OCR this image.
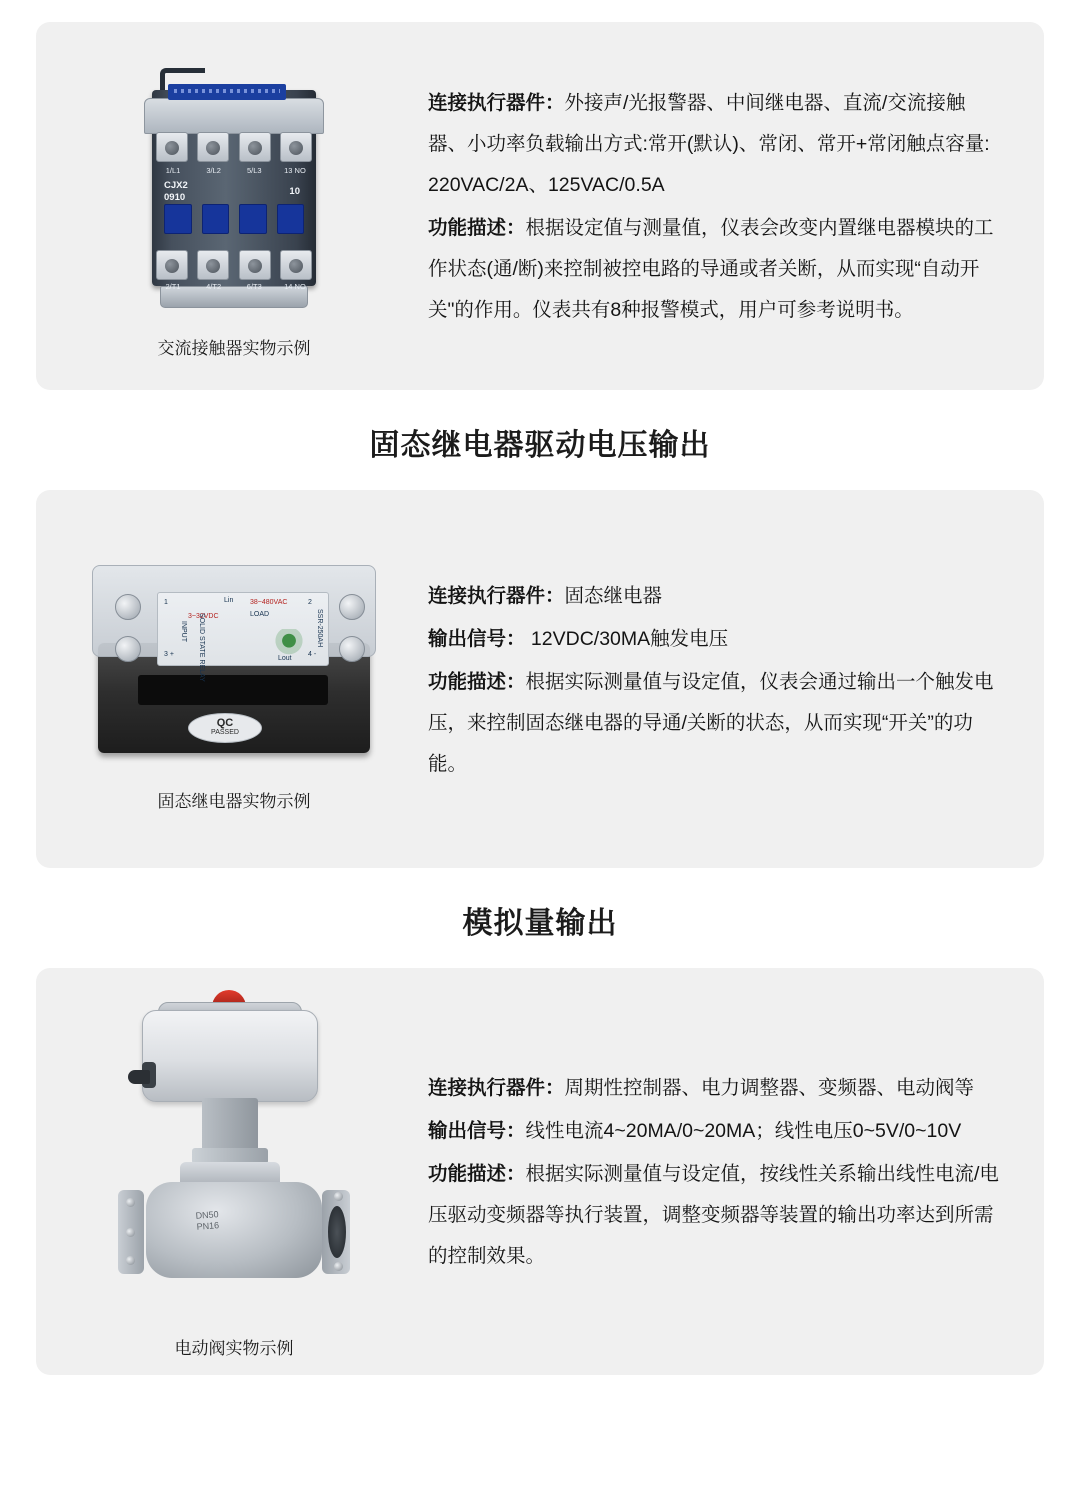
1/L1	3/L2	5/L3	13 NO
CJX2
0910
10
2/T1	4/T2	6/T3	14 NO
交流接触器实物示例

连接执行器件：外接声/光报警器、中间继电器、直流/交流接触器、小功率负载输出方式:常开(默认)、常闭、常开+常闭触点容量: 220VAC/2A、125VAC/0.5A

功能描述：根据设定值与测量值，仪表会改变内置继电器模块的工作状态(通/断)来控制被控电路的导通或者关断，从而实现“自动开关"的作用。仪表共有8种报警模式，用户可参考说明书。

固态继电器驱动电压输出
1	2
3 +	4 -
3~32VDC
38~480VAC
LOAD
Lin
Lout
INPUT SOLID STATE RELAY	SSR-250AH
QC
PASSED
固态继电器实物示例

连接执行器件：固态继电器

输出信号： 12VDC/30MA触发电压

功能描述：根据实际测量值与设定值，仪表会通过输出一个触发电压，来控制固态继电器的导通/关断的状态，从而实现“开关”的功能。

模拟量输出
DN50
PN16
电动阀实物示例

连接执行器件：周期性控制器、电力调整器、变频器、电动阀等

输出信号：线性电流4~20MA/0~20MA；线性电压0~5V/0~10V

功能描述：根据实际测量值与设定值，按线性关系输出线性电流/电压驱动变频器等执行装置，调整变频器等装置的输出功率达到所需的控制效果。
